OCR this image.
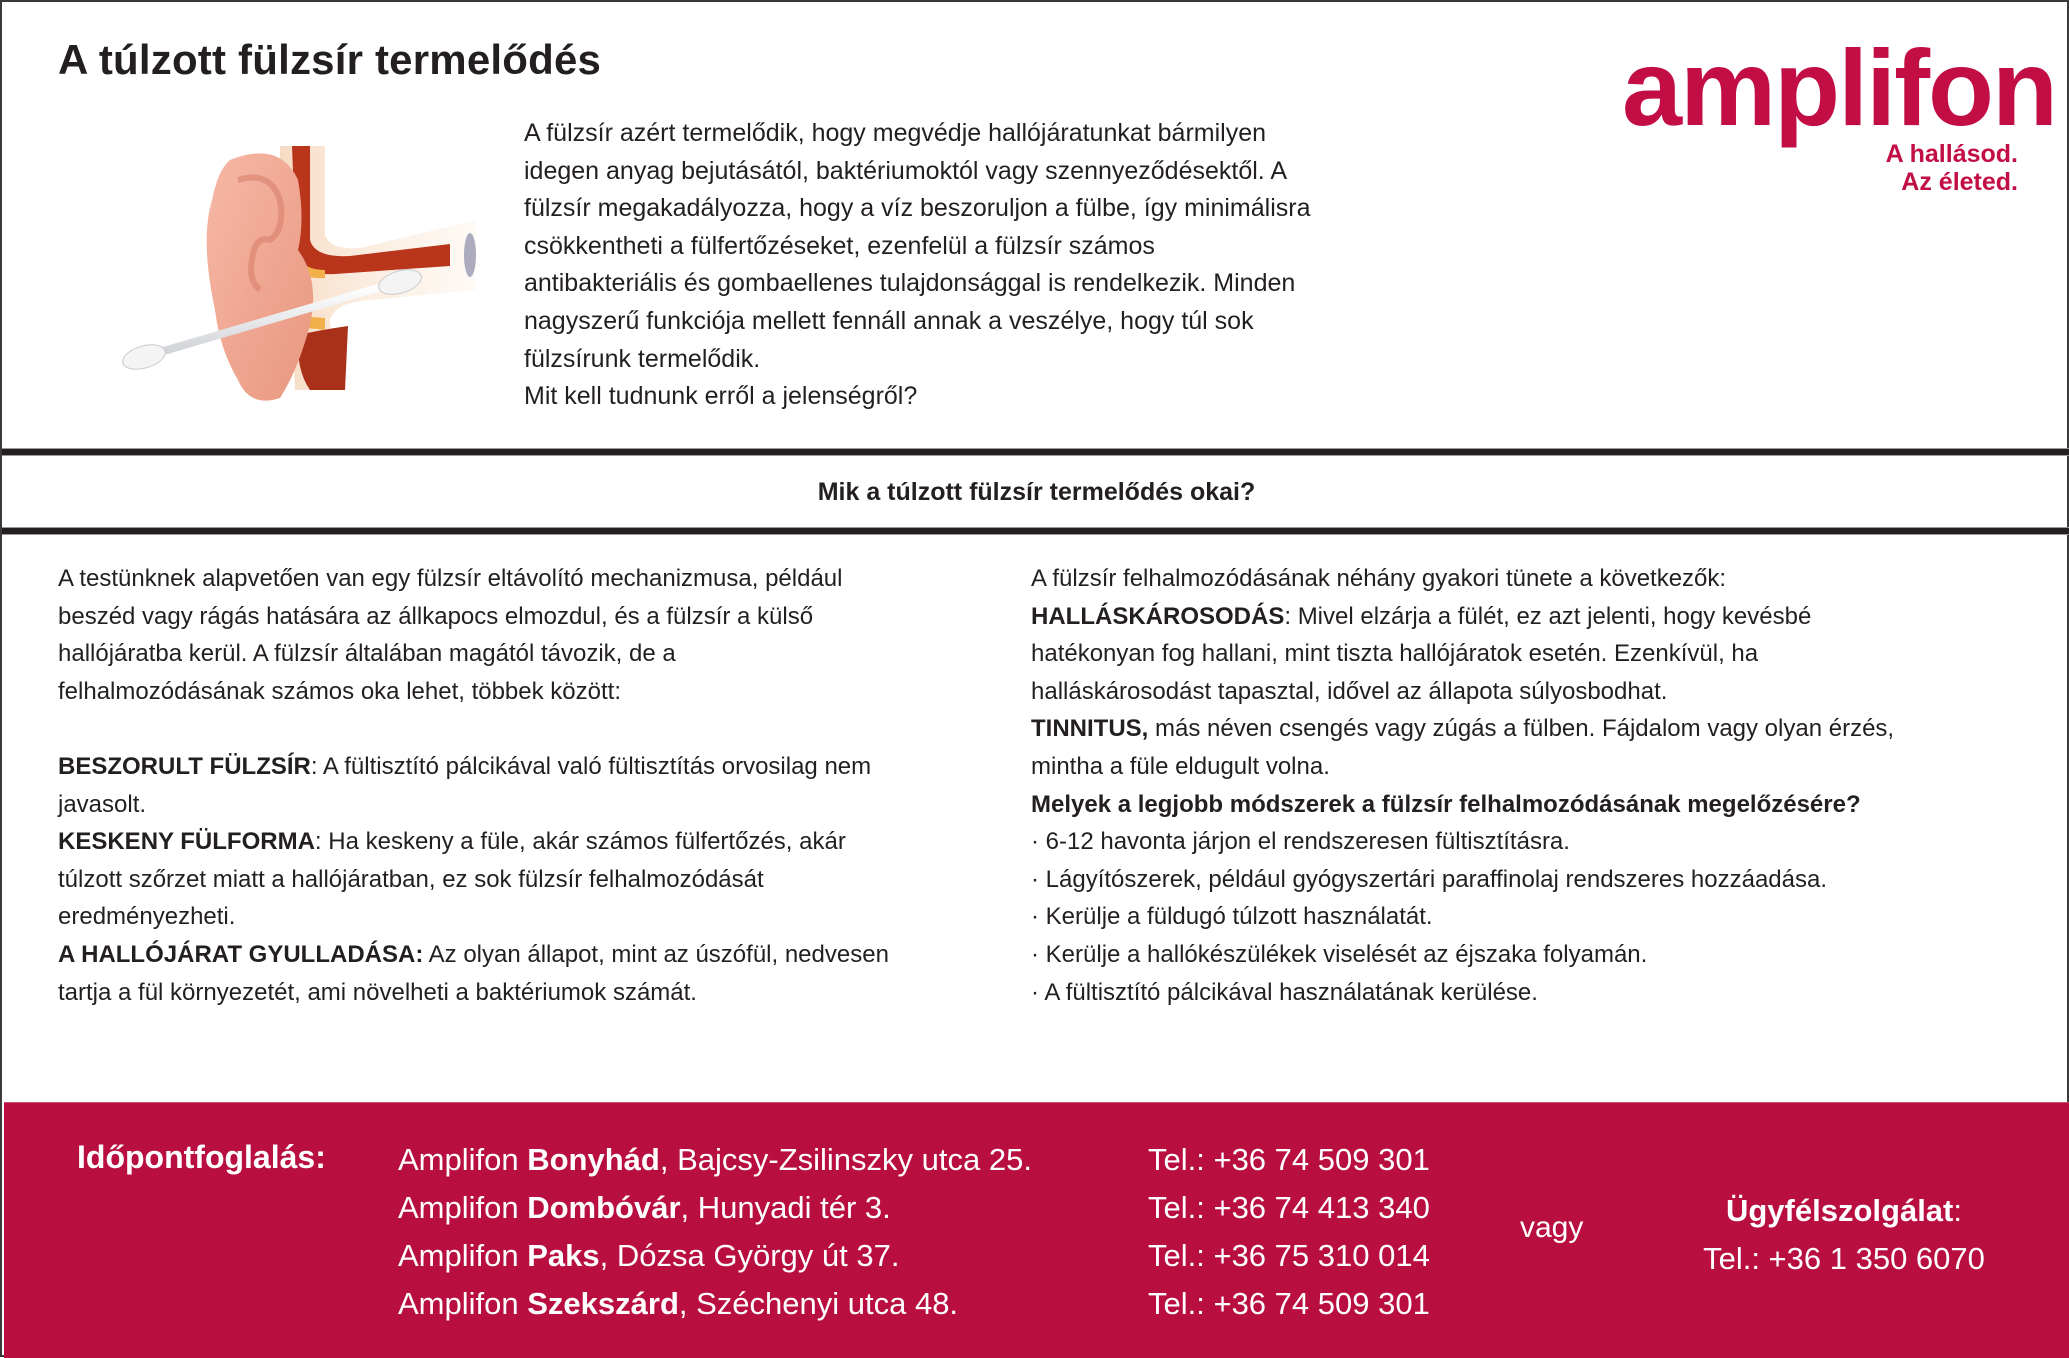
A túlzott fülzsír termelődés

A fülzsír azért termelődik, hogy megvédje hallójáratunkat bármilyen

idegen anyag bejutásától, baktériumoktól vagy szennyeződésektől. A

fülzsír megakadályozza, hogy a víz beszoruljon a fülbe, így minimálisra

csökkentheti a fülfertőzéseket, ezenfelül a fülzsír számos

antibakteriális és gombaellenes tulajdonsággal is rendelkezik. Minden

nagyszerű funkciója mellett fennáll annak a veszélye, hogy túl sok

fülzsírunk termelődik.

Mit kell tudnunk erről a jelenségről?

amplifon
A hallásod.
Az életed.
Mik a túlzott fülzsír termelődés okai?

A testünknek alapvetően van egy fülzsír eltávolító mechanizmusa, például

beszéd vagy rágás hatására az állkapocs elmozdul, és a fülzsír a külső

hallójáratba kerül. A fülzsír általában magától távozik, de a

felhalmozódásának számos oka lehet, többek között:

BESZORULT FÜLZSÍR: A fültisztító pálcikával való fültisztítás orvosilag nem

javasolt.

KESKENY FÜLFORMA: Ha keskeny a füle, akár számos fülfertőzés, akár

túlzott szőrzet miatt a hallójáratban, ez sok fülzsír felhalmozódását

eredményezheti.

A HALLÓJÁRAT GYULLADÁSA: Az olyan állapot, mint az úszófül, nedvesen

tartja a fül környezetét, ami növelheti a baktériumok számát.

A fülzsír felhalmozódásának néhány gyakori tünete a következők:

HALLÁSKÁROSODÁS: Mivel elzárja a fülét, ez azt jelenti, hogy kevésbé

hatékonyan fog hallani, mint tiszta hallójáratok esetén. Ezenkívül, ha

halláskárosodást tapasztal, idővel az állapota súlyosbodhat.

TINNITUS, más néven csengés vagy zúgás a fülben. Fájdalom vagy olyan érzés,

mintha a füle eldugult volna.

Melyek a legjobb módszerek a fülzsír felhalmozódásának megelőzésére?

· 6-12 havonta járjon el rendszeresen fültisztításra.

· Lágyítószerek, például gyógyszertári paraffinolaj rendszeres hozzáadása.

· Kerülje a füldugó túlzott használatát.

· Kerülje a hallókészülékek viselését az éjszaka folyamán.

· A fültisztító pálcikával használatának kerülése.

Időpontfoglalás: Amplifon Bonyhád, Bajcsy-Zsilinszky utca 25.
Amplifon Dombóvár, Hunyadi tér 3.
Amplifon Paks, Dózsa György út 37.
Amplifon Szekszárd, Széchenyi utca 48.
Tel.: +36 74 509 301
Tel.: +36 74 413 340
Tel.: +36 75 310 014
Tel.: +36 74 509 301
vagy	Ügyfélszolgálat:
Tel.: +36 1 350 6070
